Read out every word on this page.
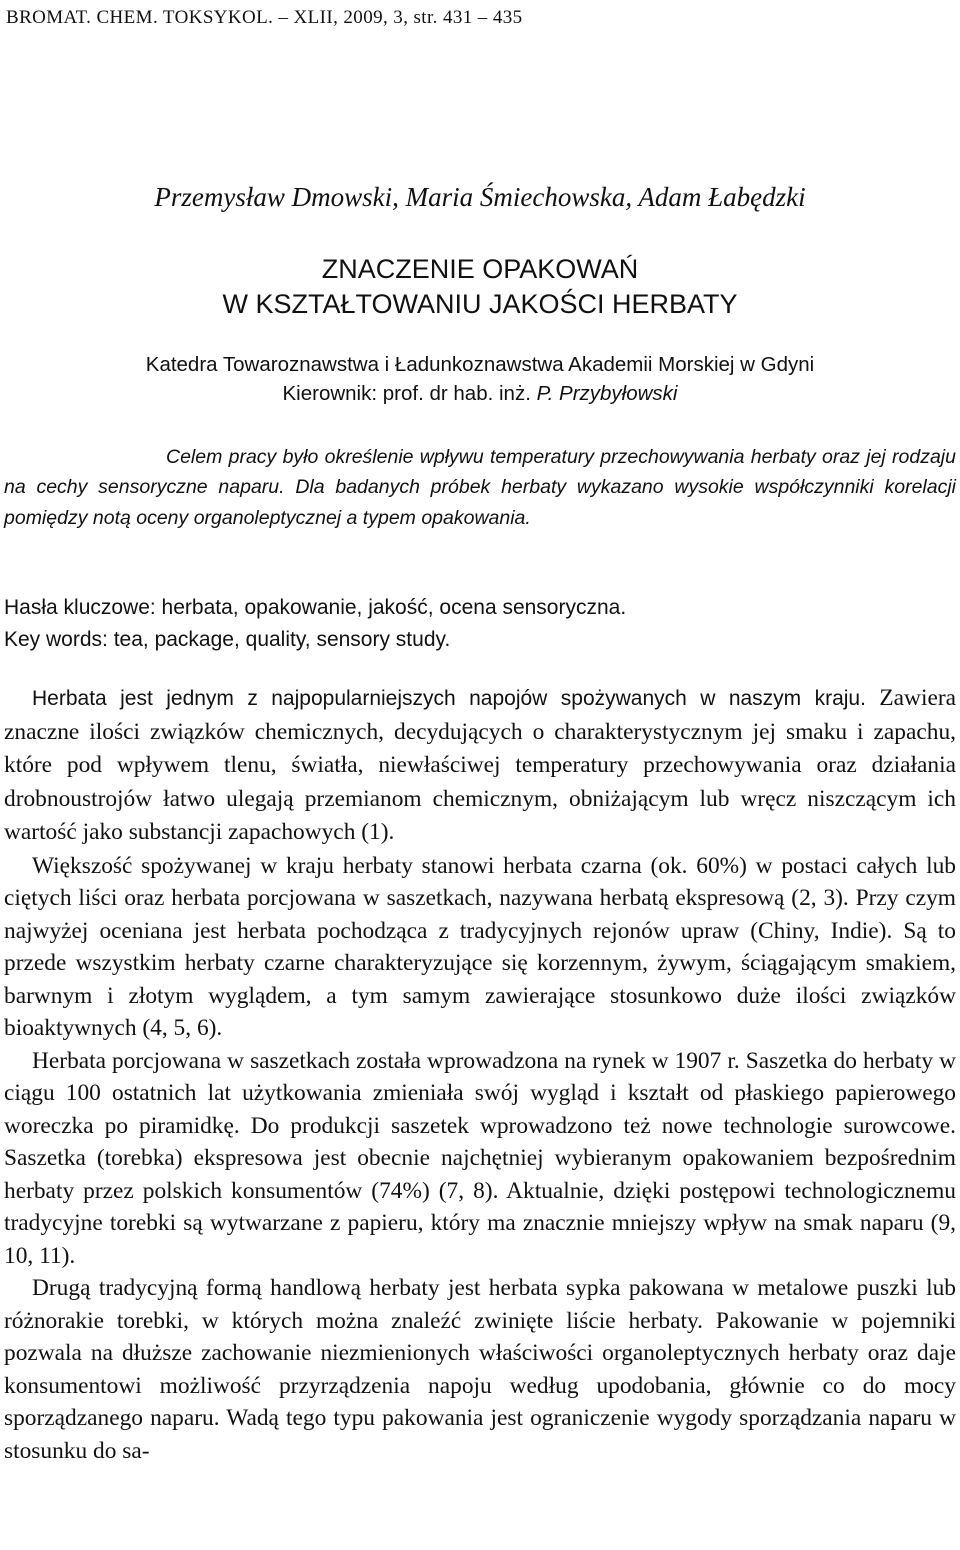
BROMAT. CHEM. TOKSYKOL. – XLII, 2009, 3, str. 431 – 435
Przemysław Dmowski, Maria Śmiechowska, Adam Łabędzki
ZNACZENIE OPAKOWAŃ
W KSZTAŁTOWANIU JAKOŚCI HERBATY
Katedra Towaroznawstwa i Ładunkoznawstwa Akademii Morskiej w Gdyni
Kierownik: prof. dr hab. inż. P. Przybyłowski

Celem pracy było określenie wpływu temperatury przechowywania herbaty oraz jej rodzaju na cechy sensoryczne naparu. Dla badanych próbek herbaty wykazano wysokie współczynniki korelacji pomiędzy notą oceny organoleptycznej a typem opakowania.

Hasła kluczowe: herbata, opakowanie, jakość, ocena sensoryczna.
Key words: tea, package, quality, sensory study.

Herbata jest jednym z najpopularniejszych napojów spożywanych w naszym kraju. Zawiera znaczne ilości związków chemicznych, decydujących o charakterystycznym jej smaku i zapachu, które pod wpływem tlenu, światła, niewłaściwej temperatury przechowywania oraz działania drobnoustrojów łatwo ulegają przemianom chemicznym, obniżającym lub wręcz niszczącym ich wartość jako substancji zapachowych (1).

Większość spożywanej w kraju herbaty stanowi herbata czarna (ok. 60%) w postaci całych lub ciętych liści oraz herbata porcjowana w saszetkach, nazywana herbatą ekspresową (2, 3). Przy czym najwyżej oceniana jest herbata pochodząca z tradycyjnych rejonów upraw (Chiny, Indie). Są to przede wszystkim herbaty czarne charakteryzujące się korzennym, żywym, ściągającym smakiem, barwnym i złotym wyglądem, a tym samym zawierające stosunkowo duże ilości związków bioaktywnych (4, 5, 6).

Herbata porcjowana w saszetkach została wprowadzona na rynek w 1907 r. Saszetka do herbaty w ciągu 100 ostatnich lat użytkowania zmieniała swój wygląd i kształt od płaskiego papierowego woreczka po piramidkę. Do produkcji saszetek wprowadzono też nowe technologie surowcowe. Saszetka (torebka) ekspresowa jest obecnie najchętniej wybieranym opakowaniem bezpośrednim herbaty przez polskich konsumentów (74%) (7, 8). Aktualnie, dzięki postępowi technologicznemu tradycyjne torebki są wytwarzane z papieru, który ma znacznie mniejszy wpływ na smak naparu (9, 10, 11).

Drugą tradycyjną formą handlową herbaty jest herbata sypka pakowana w metalowe puszki lub różnorakie torebki, w których można znaleźć zwinięte liście herbaty. Pakowanie w pojemniki pozwala na dłuższe zachowanie niezmienionych właściwości organoleptycznych herbaty oraz daje konsumentowi możliwość przyrządzenia napoju według upodobania, głównie co do mocy sporządzanego naparu. Wadą tego typu pakowania jest ograniczenie wygody sporządzania naparu w stosunku do sa-
